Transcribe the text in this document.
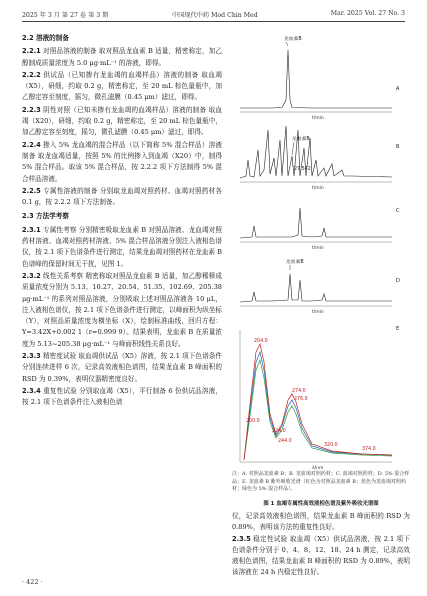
2025 年 3 月 第 27 卷 第 3 期	中国现代中药 Mod Chin Med	Mar. 2025 Vol. 27 No. 3

2.2 溶液的制备

2.2.1 对照品溶液的制备 取对照品龙血素 B 适量，精密称定，加乙醇制成质量浓度为 5.0 μg·mL⁻¹ 的溶液，即得。

2.2.2 供试品（已知掺有龙血竭的血竭样品）溶液的制备 取血竭（X5），研细，约取 0.2 g，精密称定，至 20 mL 棕色量瓶中，加乙醇定容至刻度，摇匀，微孔滤膜（0.45 μm）滤过，即得。

2.2.3 阴性对照（已知未掺有龙血竭的血竭样品）溶液的制备 取血竭（X20），研细，约取 0.2 g，精密称定，至 20 mL 棕色量瓶中，加乙醇定容至刻度，摇匀，微孔滤膜（0.45 μm）滤过，即得。

2.2.4 掺入 5% 龙血竭的混合样品（以下简称 5% 混合样品）溶液制备 取龙血竭适量，按照 5% 的比例掺入到血竭（X20）中，制得 5% 混合样品。取该 5% 混合样品，按 2.2.2 项下方法制得 5% 混合样品溶液。

2.2.5 专属性溶液的制备 分别取龙血竭对照药材、血竭对照药材各 0.1 g，按 2.2.2 项下方法制备。

2.3 方法学考察

2.3.1 专属性考察 分别精密吸取龙血素 B 对照品溶液、龙血竭对照药材溶液、血竭对照药材溶液、5% 混合样品溶液分别注入液相色谱仪，按 2.1 项下色谱条件进行测定，结果龙血竭对照药材在龙血素 B 色谱峰的保留时间无干扰，见图 1。

2.3.2 线性关系考察 精密称取对照品龙血素 B 适量，加乙醇稀释成质量浓度分别为 5.13、10.27、20.54、51.35、102.69、205.38 μg·mL⁻¹ 的系列对照品溶液，分别吸取上述对照品溶液各 10 μL，注入液相色谱仪，按 2.1 项下色谱条件进行测定，以峰面积为纵坐标（Y），对照品质量浓度为横坐标（X），绘制标准曲线，回归方程：Y=3.42X+0.002 1（r=0.999 9）。结果表明，龙血素 B 在质量浓度为 5.13~205.38 μg·mL⁻¹ 与峰面积线性关系良好。

2.3.3 精密度试验 取血竭供试品（X5）溶液，按 2.1 项下色谱条件分别连续进样 6 次，记录高效液相色谱图，结果龙血素 B 峰面积的 RSD 为 0.39%，表明仪器精密度良好。

2.3.4 重复性试验 分别取血竭（X5），平行制备 6 份供试品溶液，按 2.1 项下色谱条件注入液相色谱

龙血素B
A
t/min
龙血素B
27.542
B
t/min
C
t/min
龙血素B
D
t/min
E
204.0
200.0
224.0
274.0
276.0
320.0
374.0
244.0
λ/nm
注：A. 对照品龙血素 B；B. 龙血竭对照药材；C. 血竭对照药材；D. 5% 混合样品；E. 龙血素 B 紫外吸收光谱（红色为对照品龙血素 B；蓝色为龙血竭对照药材；绿色为 5% 混合样品）。
图 1 血竭专属性高效液相色谱及紫外吸收光谱图

仪，记录高效液相色谱图，结果龙血素 B 峰面积的 RSD 为 0.89%，表明该方法的重复性良好。

2.3.5 稳定性试验 取血竭（X5）供试品溶液，按 2.1 项下色谱条件分别于 0、4、8、12、18、24 h 测定，记录高效液相色谱图，结果龙血素 B 峰面积的 RSD 为 0.89%，表明该溶液在 24 h 内稳定性良好。

· 422 ·
